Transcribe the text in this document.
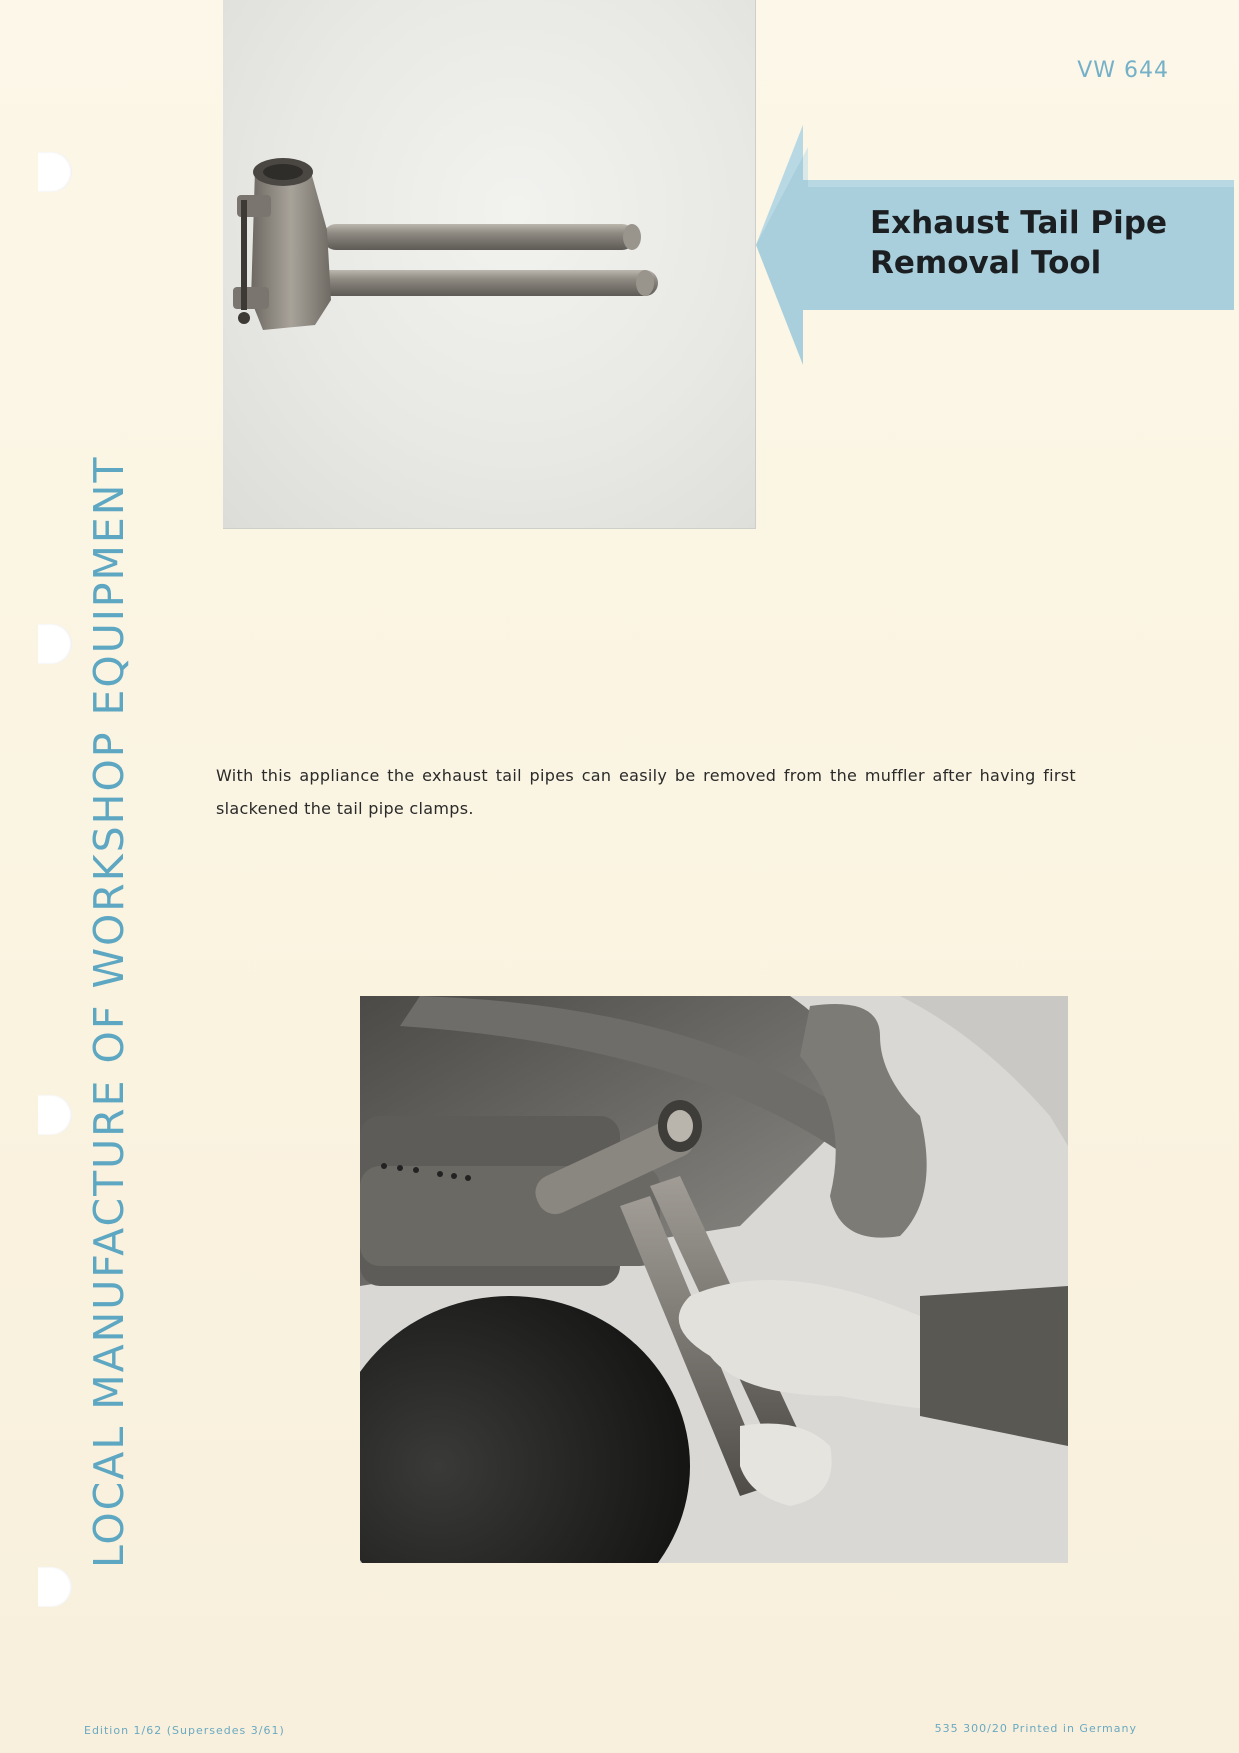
LOCAL MANUFACTURE OF WORKSHOP EQUIPMENT
VW 644
Exhaust Tail Pipe
Removal Tool
With this appliance the exhaust tail pipes can easily be removed from the muffler after having first slackened the tail pipe clamps.
Edition 1/62 (Supersedes 3/61)	535 300/20 Printed in Germany
